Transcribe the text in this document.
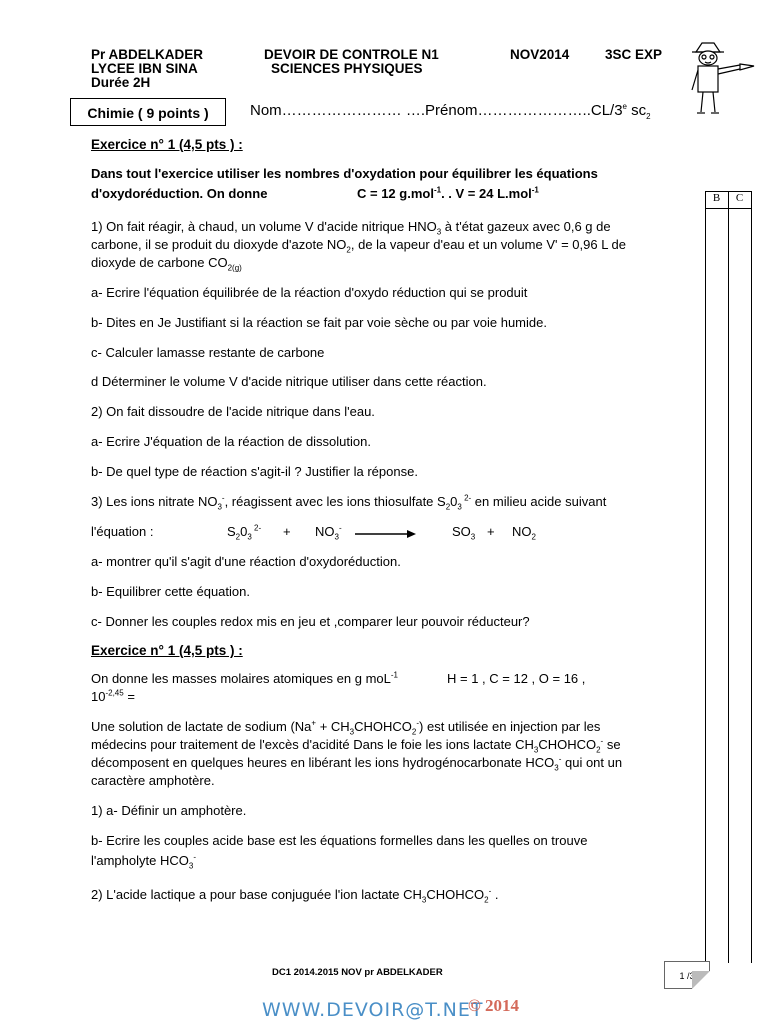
Pr ABDELKADER
LYCEE IBN SINA
Durée 2H
DEVOIR DE CONTROLE N1
SCIENCES PHYSIQUES
NOV2014	3SC EXP
Chimie ( 9 points )	Nom…………………… ….Prénom…………………..CL/3e $sc_2$
B	C
Exercice n° 1 (4,5 pts ) :
Dans tout l'exercice utiliser les nombres d'oxydation pour équilibrer les équations
d'oxydoréduction. On donne	C = 12 g.mol$^{-1}$. . V = 24 L.mol$^{-1}$
1) On fait réagir, à chaud, un volume V d'acide nitrique $HNO_3$ à t'état gazeux avec 0,6 g de
carbone, il se produit du dioxyde d'azote $NO_2$, de la vapeur d'eau et un volume V' = 0,96 L de
dioxyde de carbone $CO_{2(g)}$
a- Ecrire l'équation équilibrée de la réaction d'oxydo réduction qui se produit
b- Dites en Je Justifiant si la réaction se fait par voie sèche ou par voie humide.
c- Calculer lamasse restante de carbone
d Déterminer le volume V d'acide nitrique utiliser dans cette réaction.
2) On fait dissoudre de l'acide nitrique dans l'eau.
a- Ecrire J'équation de la réaction de dissolution.
b- De quel type de réaction s'agit-il ? Justifier la réponse.
3) Les ions nitrate $NO_3^-$, réagissent avec les ions thiosulfate $S_20_3$ $^{2-}$ en milieu acide suivant
l'équation :	$S_20_3$ $^{2-} + NO_3^-$ →	$SO_3 + NO_2$
a- montrer qu'il s'agit d'une réaction d'oxydoréduction.
b- Equilibrer cette équation.
c- Donner les couples redox mis en jeu et ,comparer leur pouvoir réducteur?
Exercice n° 1 (4,5 pts ) :
On donne les masses molaires atomiques en g moL$^{-1}$	H = 1 , C = 12 , O = 16 ,
$10^{-2,45}$ =
Une solution de lactate de sodium $(Na^+ + CH_3CHOHCO_2^-)$ est utilisée en injection par les
médecins pour traitement de l'excès d'acidité Dans le foie les ions lactate $CH_3CHOHCO_2^-$ se
décomposent en quelques heures en libérant les ions hydrogénocarbonate $HCO_3^-$ qui ont un
caractère amphotère.
1) a- Définir un amphotère.
b- Ecrire les couples acide base est les équations formelles dans les quelles on trouve
l'ampholyte $HCO_3^-$
2) L'acide lactique a pour base conjuguée l'ion lactate $CH_3CHOHCO_2^-$ .
DC1 2014.2015 NOV pr ABDELKADER	1 /3
WWW.DEVOIR@T.NET
© 2014
